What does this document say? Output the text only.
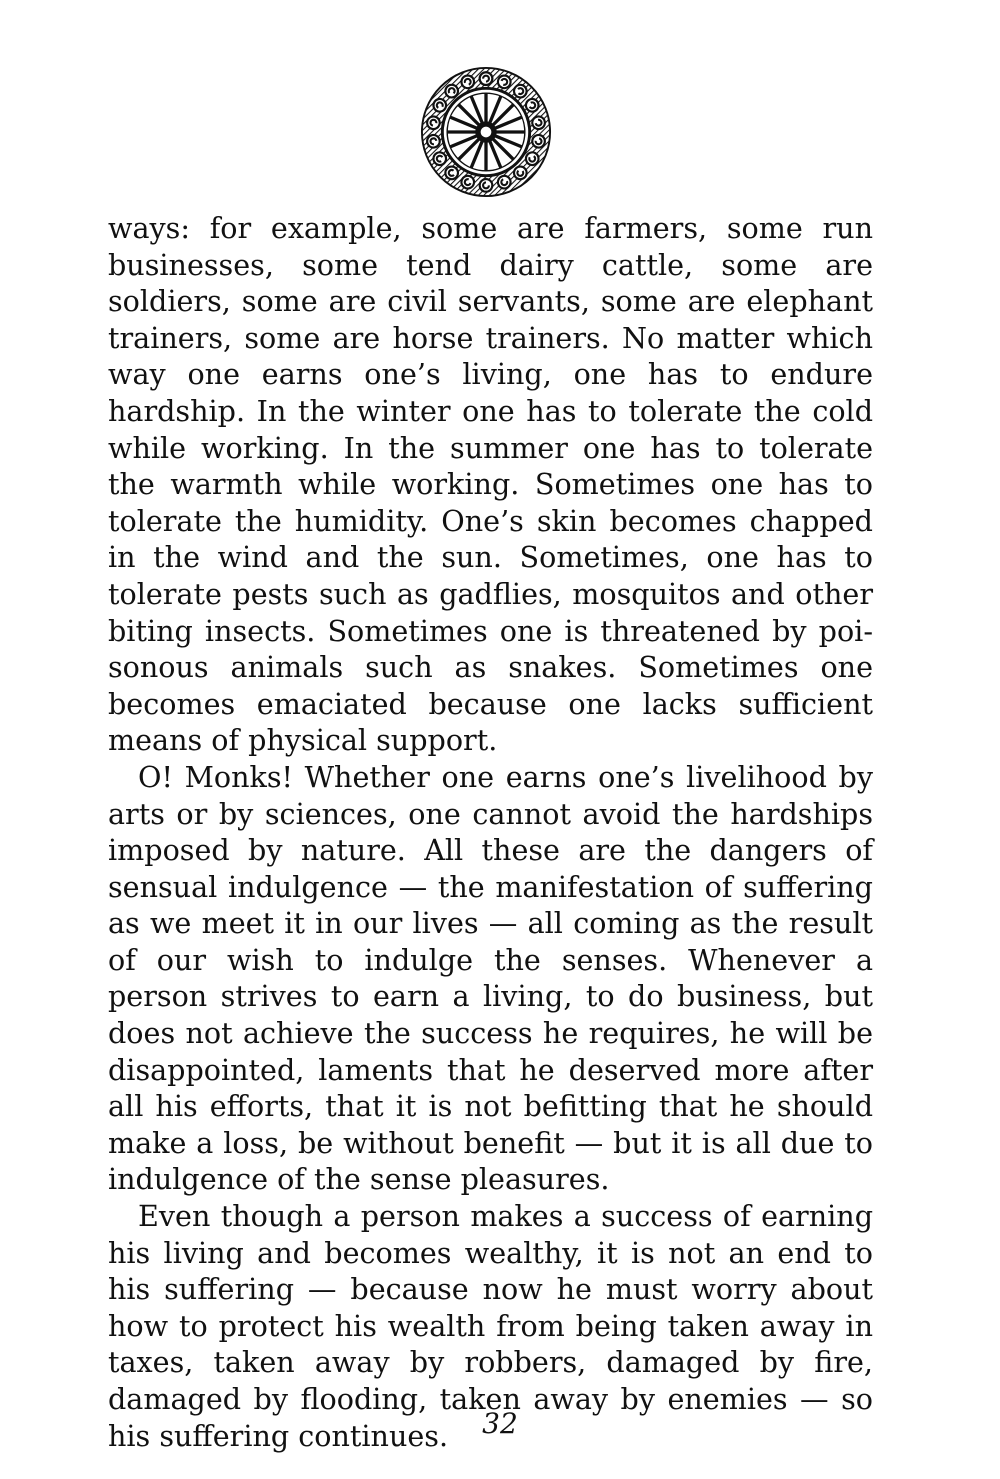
ways: for example, some are farmers, some run businesses, some tend dairy cattle, some are soldiers, some are civil servants, some are elephant trainers, some are horse trainers. No matter which way one earns one’s living, one has to endure hardship. In the winter one has to tolerate the cold while working. In the summer one has to tolerate the warmth while working. Sometimes one has to tolerate the humidity. One’s skin becomes chapped in the wind and the sun. Sometimes, one has to tolerate pests such as gadflies, mosquitos and other biting insects. Sometimes one is threatened by poisonous animals such as snakes. Sometimes one becomes emaciated because one lacks sufficient means of physical support.

O! Monks! Whether one earns one’s livelihood by arts or by sciences, one cannot avoid the hardships imposed by nature. All these are the dangers of sensual indulgence — the manifestation of suffering as we meet it in our lives — all coming as the result of our wish to indulge the senses. Whenever a person strives to earn a living, to do business, but does not achieve the success he requires, he will be disappointed, laments that he deserved more after all his efforts, that it is not befitting that he should make a loss, be without benefit — but it is all due to indulgence of the sense pleasures.

Even though a person makes a success of earning his living and becomes wealthy, it is not an end to his suffering — because now he must worry about how to protect his wealth from being taken away in taxes, taken away by robbers, damaged by fire, damaged by flooding, taken away by enemies — so his suffering continues.	32
